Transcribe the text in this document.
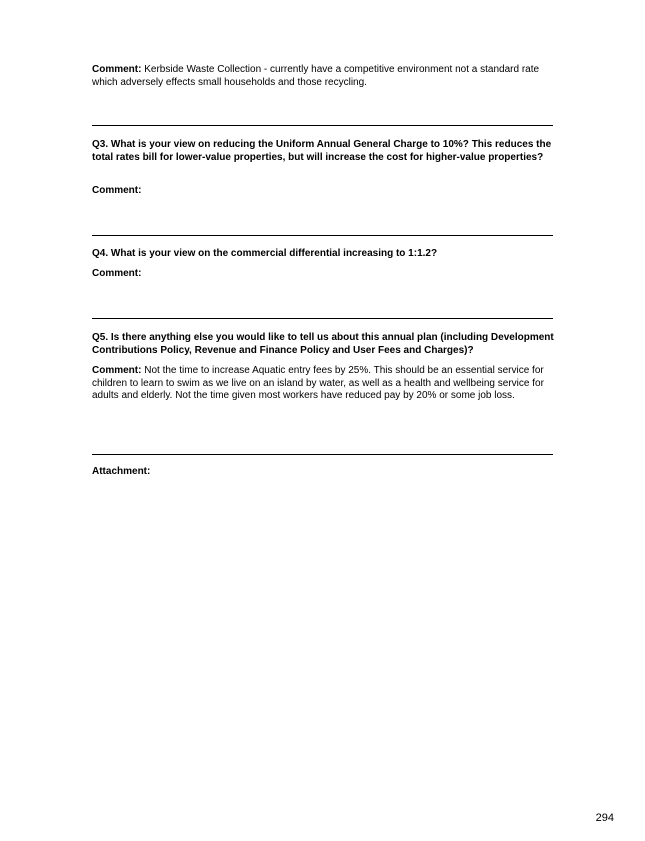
Comment: Kerbside Waste Collection - currently have a competitive environment not a standard rate which adversely effects small households and those recycling.
Q3. What is your view on reducing the Uniform Annual General Charge to 10%? This reduces the total rates bill for lower-value properties, but will increase the cost for higher-value properties?
Comment:
Q4. What is your view on the commercial differential increasing to 1:1.2?
Comment:
Q5. Is there anything else you would like to tell us about this annual plan (including Development Contributions Policy, Revenue and Finance Policy and User Fees and Charges)?
Comment: Not the time to increase Aquatic entry fees by 25%. This should be an essential service for children to learn to swim as we live on an island by water, as well as a health and wellbeing service for adults and elderly. Not the time given most workers have reduced pay by 20% or some job loss.
Attachment:
294
